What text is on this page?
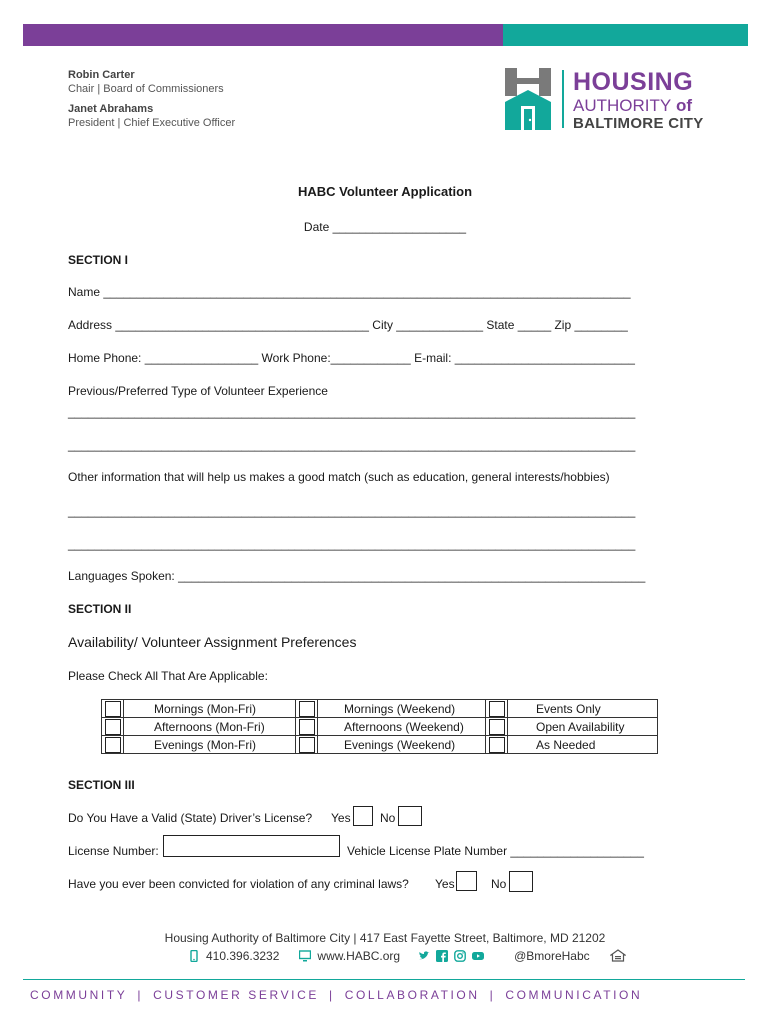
Robin Carter
Chair | Board of Commissioners
Janet Abrahams
President | Chief Executive Officer
HOUSING
AUTHORITY of
BALTIMORE CITY
HABC Volunteer Application
Date ____________________
SECTION I
Name _______________________________________________________________________________
Address ______________________________________ City _____________ State _____ Zip ________
Home Phone: _________________ Work Phone:____________ E-mail: ___________________________
Previous/Preferred Type of Volunteer Experience
_____________________________________________________________________________________
_____________________________________________________________________________________
Other information that will help us makes a good match (such as education, general interests/hobbies)
_____________________________________________________________________________________
_____________________________________________________________________________________
Languages Spoken: ______________________________________________________________________
SECTION II
Availability/ Volunteer Assignment Preferences
Please Check All That Are Applicable:
	Mornings (Mon-Fri)		Mornings (Weekend)		Events Only

	Afternoons (Mon-Fri)		Afternoons (Weekend)		Open Availability

	Evenings (Mon-Fri)		Evenings (Weekend)		As Needed
SECTION III
Do You Have a Valid (State) Driver’s License? Yes No
License Number:	Vehicle License Plate Number ____________________
Have you ever been convicted for violation of any criminal laws? Yes	No
Housing Authority of Baltimore City | 417 East Fayette Street, Baltimore, MD 21202
410.396.3232	www.HABC.org	@BmoreHabc
COMMUNITY | CUSTOMER SERVICE | COLLABORATION | COMMUNICATION
